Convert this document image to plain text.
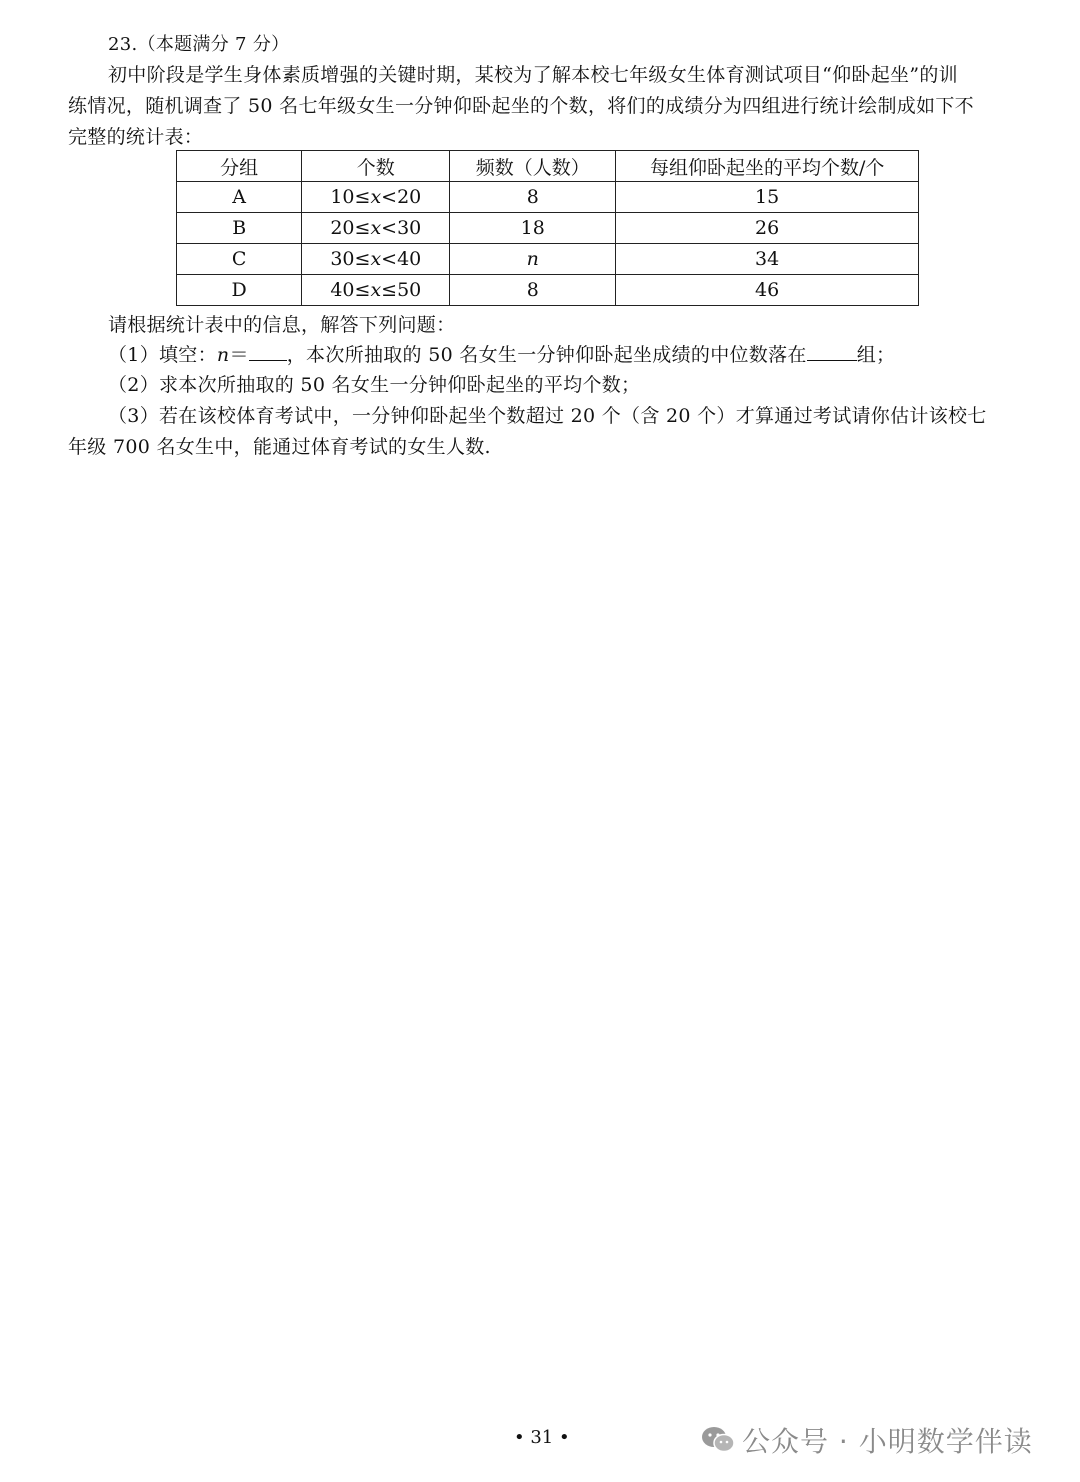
23.（本题满分 7 分）
初中阶段是学生身体素质增强的关键时期，某校为了解本校七年级女生体育测试项目“仰卧起坐”的训
练情况，随机调查了 50 名七年级女生一分钟仰卧起坐的个数，将们的成绩分为四组进行统计绘制成如下不
完整的统计表：
分组	个数	频数（人数）	每组仰卧起坐的平均个数/个
A	10≤x<20	8	15
B	20≤x<30	18	26
C	30≤x<40	n	34
D	40≤x≤50	8	46
请根据统计表中的信息，解答下列问题：
（1）填空：n＝ ，本次所抽取的 50 名女生一分钟仰卧起坐成绩的中位数落在	组；
（2）求本次所抽取的 50 名女生一分钟仰卧起坐的平均个数；
（3）若在该校体育考试中，一分钟仰卧起坐个数超过 20 个（含 20 个）才算通过考试请你估计该校七
年级 700 名女生中，能通过体育考试的女生人数.
• 31 •	公众号 · 小明数学伴读
